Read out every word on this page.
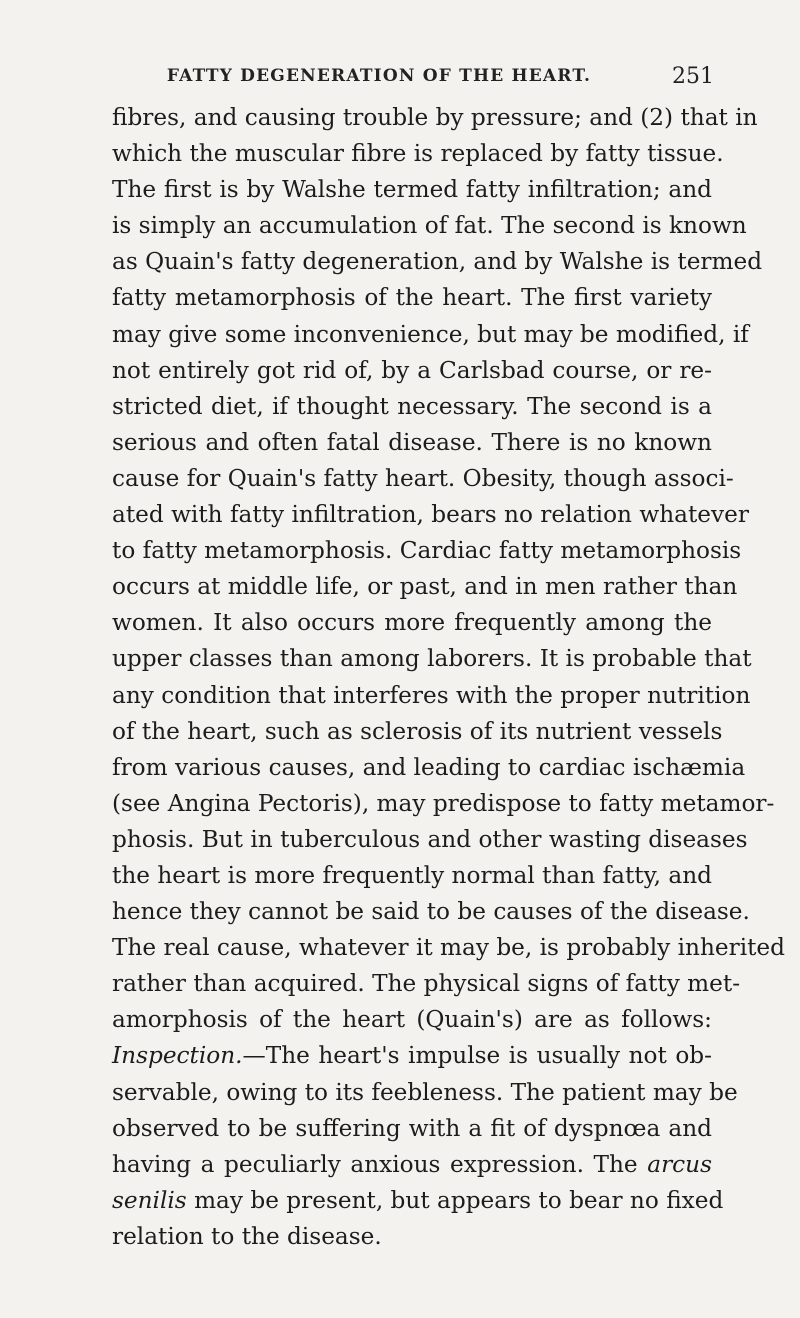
FATTY DEGENERATION OF THE HEART.	251
fibres, and causing trouble by pressure; and (2) that in
which the muscular fibre is replaced by fatty tissue.
The first is by Walshe termed fatty infiltration; and
is simply an accumulation of fat. The second is known
as Quain's fatty degeneration, and by Walshe is termed
fatty metamorphosis of the heart. The first variety
may give some inconvenience, but may be modified, if
not entirely got rid of, by a Carlsbad course, or re-
stricted diet, if thought necessary. The second is a
serious and often fatal disease. There is no known
cause for Quain's fatty heart. Obesity, though associ-
ated with fatty infiltration, bears no relation whatever
to fatty metamorphosis. Cardiac fatty metamorphosis
occurs at middle life, or past, and in men rather than
women. It also occurs more frequently among the
upper classes than among laborers. It is probable that
any condition that interferes with the proper nutrition
of the heart, such as sclerosis of its nutrient vessels
from various causes, and leading to cardiac ischæmia
(see Angina Pectoris), may predispose to fatty metamor-
phosis. But in tuberculous and other wasting diseases
the heart is more frequently normal than fatty, and
hence they cannot be said to be causes of the disease.
The real cause, whatever it may be, is probably inherited
rather than acquired. The physical signs of fatty met-
amorphosis of the heart (Quain's) are as follows:
Inspection.—The heart's impulse is usually not ob-
servable, owing to its feebleness. The patient may be
observed to be suffering with a fit of dyspnœa and
having a peculiarly anxious expression. The arcus
senilis may be present, but appears to bear no fixed
relation to the disease.
